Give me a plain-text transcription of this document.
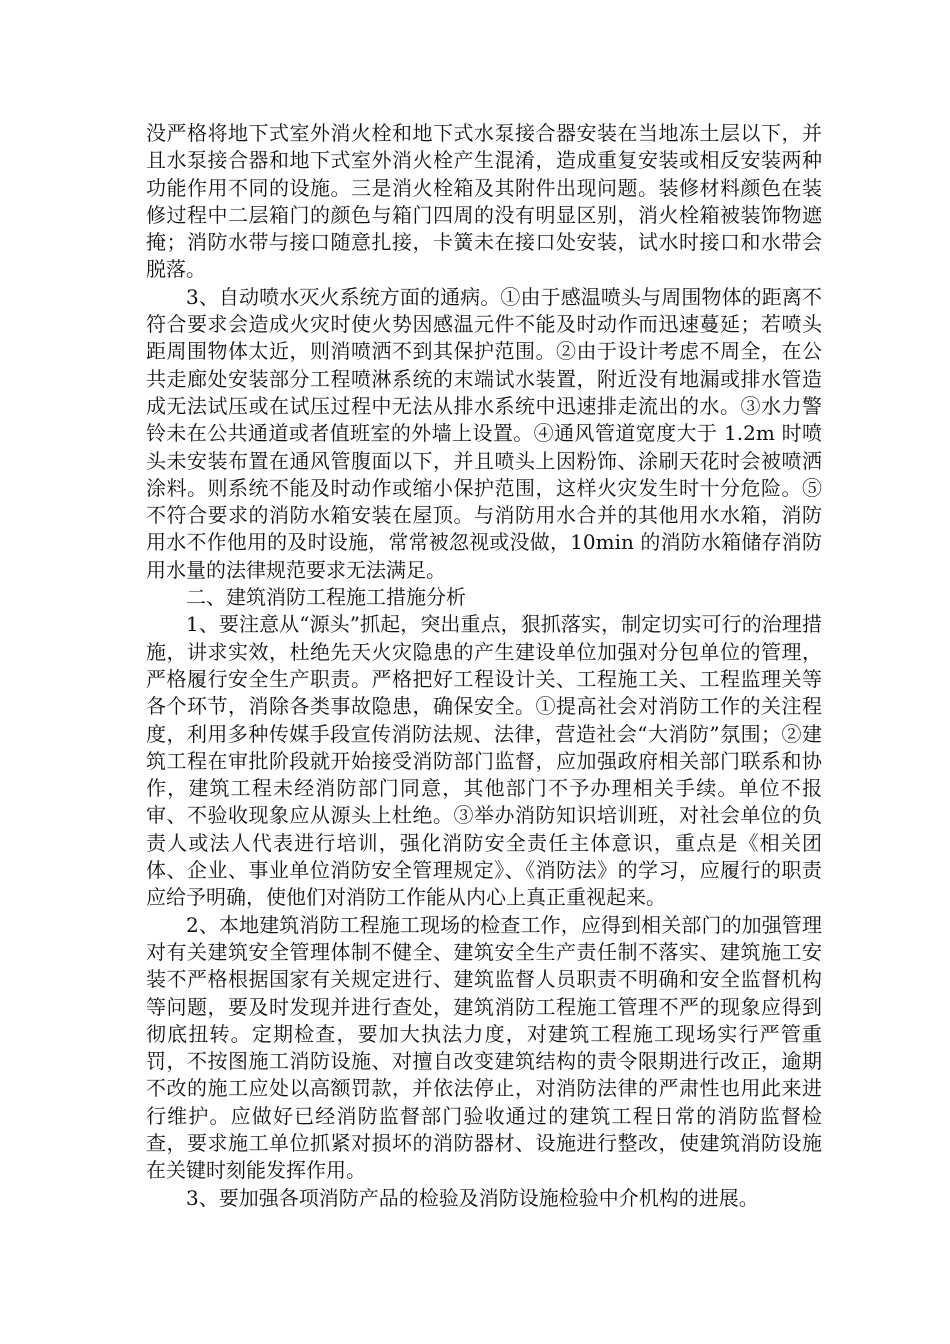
没严格将地下式室外消火栓和地下式水泵接合器安装在当地冻土层以下，并且水泵接合器和地下式室外消火栓产生混淆，造成重复安装或相反安装两种功能作用不同的设施。三是消火栓箱及其附件出现问题。装修材料颜色在装修过程中二层箱门的颜色与箱门四周的没有明显区别，消火栓箱被装饰物遮掩；消防水带与接口随意扎接，卡簧未在接口处安装，试水时接口和水带会脱落。

3、自动喷水灭火系统方面的通病。①由于感温喷头与周围物体的距离不符合要求会造成火灾时使火势因感温元件不能及时动作而迅速蔓延；若喷头距周围物体太近，则消喷洒不到其保护范围。②由于设计考虑不周全，在公共走廊处安装部分工程喷淋系统的末端试水装置，附近没有地漏或排水管造成无法试压或在试压过程中无法从排水系统中迅速排走流出的水。③水力警铃未在公共通道或者值班室的外墙上设置。④通风管道宽度大于 1.2m 时喷头未安装布置在通风管腹面以下，并且喷头上因粉饰、涂刷天花时会被喷洒涂料。则系统不能及时动作或缩小保护范围，这样火灾发生时十分危险。⑤不符合要求的消防水箱安装在屋顶。与消防用水合并的其他用水水箱，消防用水不作他用的及时设施，常常被忽视或没做，10min 的消防水箱储存消防用水量的法律规范要求无法满足。

二、建筑消防工程施工措施分析

1、要注意从“源头”抓起，突出重点，狠抓落实，制定切实可行的治理措施，讲求实效，杜绝先天火灾隐患的产生建设单位加强对分包单位的管理，严格履行安全生产职责。严格把好工程设计关、工程施工关、工程监理关等各个环节，消除各类事故隐患，确保安全。①提高社会对消防工作的关注程度，利用多种传媒手段宣传消防法规、法律，营造社会“大消防”氛围；②建筑工程在审批阶段就开始接受消防部门监督，应加强政府相关部门联系和协作，建筑工程未经消防部门同意，其他部门不予办理相关手续。单位不报审、不验收现象应从源头上杜绝。③举办消防知识培训班，对社会单位的负责人或法人代表进行培训，强化消防安全责任主体意识，重点是《相关团体、企业、事业单位消防安全管理规定》、《消防法》的学习，应履行的职责应给予明确，使他们对消防工作能从内心上真正重视起来。

2、本地建筑消防工程施工现场的检查工作，应得到相关部门的加强管理对有关建筑安全管理体制不健全、建筑安全生产责任制不落实、建筑施工安装不严格根据国家有关规定进行、建筑监督人员职责不明确和安全监督机构等问题，要及时发现并进行查处，建筑消防工程施工管理不严的现象应得到彻底扭转。定期检查，要加大执法力度，对建筑工程施工现场实行严管重罚，不按图施工消防设施、对擅自改变建筑结构的责令限期进行改正，逾期不改的施工应处以高额罚款，并依法停止，对消防法律的严肃性也用此来进行维护。应做好已经消防监督部门验收通过的建筑工程日常的消防监督检查，要求施工单位抓紧对损坏的消防器材、设施进行整改，使建筑消防设施在关键时刻能发挥作用。

3、要加强各项消防产品的检验及消防设施检验中介机构的进展。
